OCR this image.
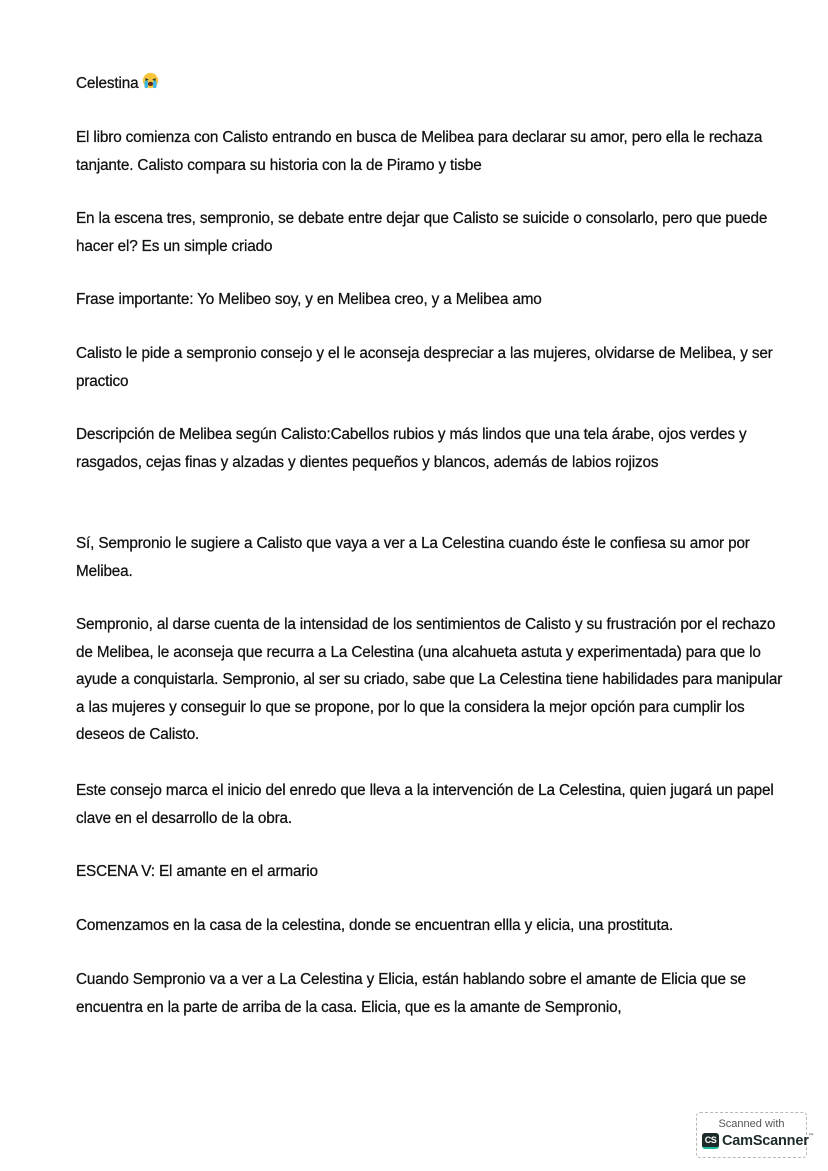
Celestina

El libro comienza con Calisto entrando en busca de Melibea para declarar su amor, pero ella le rechaza tanjante. Calisto compara su historia con la de Piramo y tisbe

En la escena tres, sempronio, se debate entre dejar que Calisto se suicide o consolarlo, pero que puede hacer el? Es un simple criado

Frase importante: Yo Melibeo soy, y en Melibea creo, y a Melibea amo

Calisto le pide a sempronio consejo y el le aconseja despreciar a las mujeres, olvidarse de Melibea, y ser practico

Descripción de Melibea según Calisto:Cabellos rubios y más lindos que una tela árabe, ojos verdes y rasgados, cejas finas y alzadas y dientes pequeños y blancos, además de labios rojizos

Sí, Sempronio le sugiere a Calisto que vaya a ver a La Celestina cuando éste le confiesa su amor por Melibea.

Sempronio, al darse cuenta de la intensidad de los sentimientos de Calisto y su frustración por el rechazo de Melibea, le aconseja que recurra a La Celestina (una alcahueta astuta y experimentada) para que lo ayude a conquistarla. Sempronio, al ser su criado, sabe que La Celestina tiene habilidades para manipular a las mujeres y conseguir lo que se propone, por lo que la considera la mejor opción para cumplir los deseos de Calisto.

Este consejo marca el inicio del enredo que lleva a la intervención de La Celestina, quien jugará un papel clave en el desarrollo de la obra.

ESCENA V: El amante en el armario

Comenzamos en la casa de la celestina, donde se encuentran ellla y elicia, una prostituta.

Cuando Sempronio va a ver a La Celestina y Elicia, están hablando sobre el amante de Elicia que se encuentra en la parte de arriba de la casa. Elicia, que es la amante de Sempronio,

Scanned with
CS CamScanner™
